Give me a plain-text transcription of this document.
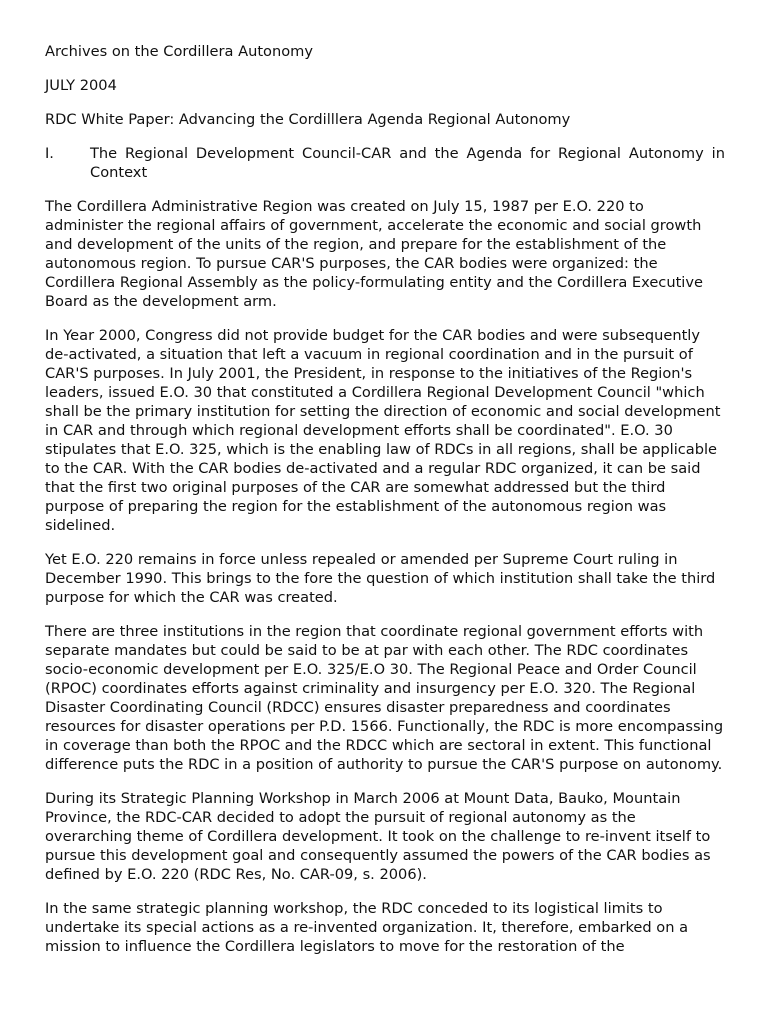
Archives on the Cordillera Autonomy

JULY 2004

RDC White Paper: Advancing the Cordilllera Agenda Regional Autonomy

I.	The Regional Development Council-CAR and the Agenda for Regional Autonomy in Context

The Cordillera Administrative Region was created on July 15, 1987 per E.O. 220 to administer the regional affairs of government, accelerate the economic and social growth and development of the units of the region, and prepare for the establishment of the autonomous region. To pursue CAR'S purposes, the CAR bodies were organized: the Cordillera Regional Assembly as the policy-formulating entity and the Cordillera Executive Board as the development arm.

In Year 2000, Congress did not provide budget for the CAR bodies and were subsequently de-activated, a situation that left a vacuum in regional coordination and in the pursuit of CAR'S purposes. In July 2001, the President, in response to the initiatives of the Region's leaders, issued E.O. 30 that constituted a Cordillera Regional Development Council "which shall be the primary institution for setting the direction of economic and social development in CAR and through which regional development efforts shall be coordinated". E.O. 30 stipulates that E.O. 325, which is the enabling law of RDCs in all regions, shall be applicable to the CAR. With the CAR bodies de-activated and a regular RDC organized, it can be said that the first two original purposes of the CAR are somewhat addressed but the third purpose of preparing the region for the establishment of the autonomous region was sidelined.

Yet E.O. 220 remains in force unless repealed or amended per Supreme Court ruling in December 1990. This brings to the fore the question of which institution shall take the third purpose for which the CAR was created.

There are three institutions in the region that coordinate regional government efforts with separate mandates but could be said to be at par with each other. The RDC coordinates socio-economic development per E.O. 325/E.O 30. The Regional Peace and Order Council (RPOC) coordinates efforts against criminality and insurgency per E.O. 320. The Regional Disaster Coordinating Council (RDCC) ensures disaster preparedness and coordinates resources for disaster operations per P.D. 1566. Functionally, the RDC is more encompassing in coverage than both the RPOC and the RDCC which are sectoral in extent. This functional difference puts the RDC in a position of authority to pursue the CAR'S purpose on autonomy.

During its Strategic Planning Workshop in March 2006 at Mount Data, Bauko, Mountain Province, the RDC-CAR decided to adopt the pursuit of regional autonomy as the overarching theme of Cordillera development. It took on the challenge to re-invent itself to pursue this development goal and consequently assumed the powers of the CAR bodies as defined by E.O. 220 (RDC Res, No. CAR-09, s. 2006).

In the same strategic planning workshop, the RDC conceded to its logistical limits to undertake its special actions as a re-invented organization. It, therefore, embarked on a mission to influence the Cordillera legislators to move for the restoration of the
